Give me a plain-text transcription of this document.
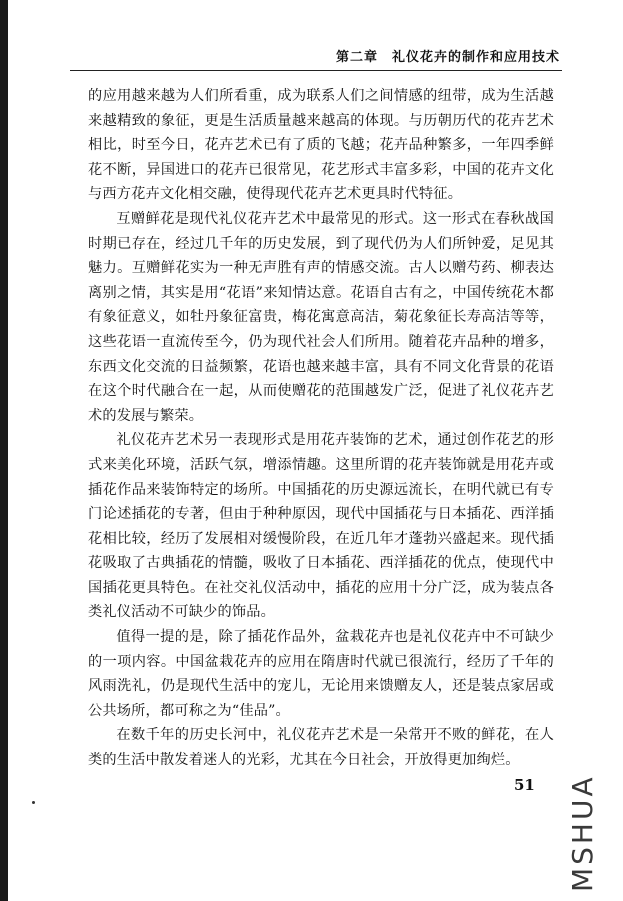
第二章　礼仪花卉的制作和应用技术

的应用越来越为人们所看重，成为联系人们之间情感的纽带，成为生活越来越精致的象征，更是生活质量越来越高的体现。与历朝历代的花卉艺术相比，时至今日，花卉艺术已有了质的飞越；花卉品种繁多，一年四季鲜花不断，异国进口的花卉已很常见，花艺形式丰富多彩，中国的花卉文化与西方花卉文化相交融，使得现代花卉艺术更具时代特征。

互赠鲜花是现代礼仪花卉艺术中最常见的形式。这一形式在春秋战国时期已存在，经过几千年的历史发展，到了现代仍为人们所钟爱，足见其魅力。互赠鲜花实为一种无声胜有声的情感交流。古人以赠芍药、柳表达离别之情，其实是用“花语”来知情达意。花语自古有之，中国传统花木都有象征意义，如牡丹象征富贵，梅花寓意高洁，菊花象征长寿高洁等等，这些花语一直流传至今，仍为现代社会人们所用。随着花卉品种的增多，东西文化交流的日益频繁，花语也越来越丰富，具有不同文化背景的花语在这个时代融合在一起，从而使赠花的范围越发广泛，促进了礼仪花卉艺术的发展与繁荣。

礼仪花卉艺术另一表现形式是用花卉装饰的艺术，通过创作花艺的形式来美化环境，活跃气氛，增添情趣。这里所谓的花卉装饰就是用花卉或插花作品来装饰特定的场所。中国插花的历史源远流长，在明代就已有专门论述插花的专著，但由于种种原因，现代中国插花与日本插花、西洋插花相比较，经历了发展相对缓慢阶段，在近几年才蓬勃兴盛起来。现代插花吸取了古典插花的情髓，吸收了日本插花、西洋插花的优点，使现代中国插花更具特色。在社交礼仪活动中，插花的应用十分广泛，成为装点各类礼仪活动不可缺少的饰品。

值得一提的是，除了插花作品外，盆栽花卉也是礼仪花卉中不可缺少的一项内容。中国盆栽花卉的应用在隋唐时代就已很流行，经历了千年的风雨洗礼，仍是现代生活中的宠儿，无论用来馈赠友人，还是装点家居或公共场所，都可称之为“佳品”。

在数千年的历史长河中，礼仪花卉艺术是一朵常开不败的鲜花，在人类的生活中散发着迷人的光彩，尤其在今日社会，开放得更加绚烂。

51 MSHUA
